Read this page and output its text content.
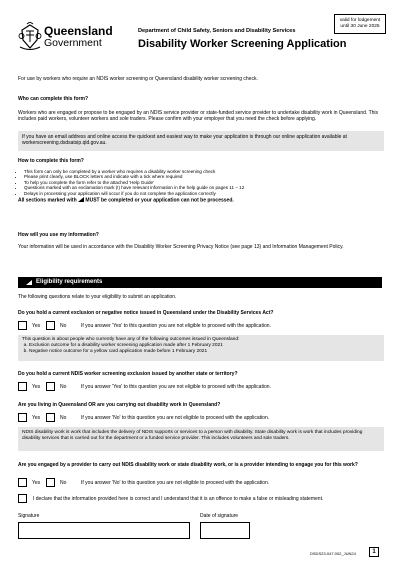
Queensland
Government
valid for lodgement
until 30 June 2025
Department of Child Safety, Seniors and Disability Services
Disability Worker Screening Application
For use by workers who require an NDIS worker screening or Queensland disability worker screening check.
Who can complete this form?
Workers who are engaged or propose to be engaged by an NDIS service provider or state-funded service provider to undertake disability work in Queensland. This includes paid workers, volunteer workers and sole traders. Please confirm with your employer that you need the check before applying.
If you have an email address and online access the quickest and easiest way to make your application is through our online application available at workerscreening.dsdsatsip.qld.gov.au.
How to complete this form?
• This form can only be completed by a worker who requires a disability worker screening check
• Please print clearly, use BLOCK letters and indicate with a tick where required
• To help you complete the form refer to the attached 'Help Guide'
• Questions marked with an exclamation mark (!) have relevant information in the help guide on pages 11 – 12
• Delays in processing your application will occur if you do not complete the application correctly
All sections marked with MUST be completed or your application can not be processed.
How will you use my information?
Your information will be used in accordance with the Disability Worker Screening Privacy Notice (see page 13) and Information Management Policy.
Eligibility requirements
The following questions relate to your eligibility to submit an application.
Do you hold a current exclusion or negative notice issued in Queensland under the Disability Services Act?
Yes	No	If you answer 'Yes' to this question you are not eligible to proceed with the application.
This question is about people who currently have any of the following outcomes issued in Queensland:
a. Exclusion outcome for a disability worker screening application made after 1 February 2021
b. Negative notice outcome for a yellow card application made before 1 February 2021
Do you hold a current NDIS worker screening exclusion issued by another state or territory?
Yes	No	If you answer 'Yes' to this question you are not eligible to proceed with the application.
Are you living in Queensland OR are you carrying out disability work in Queensland?
Yes	No	If you answer 'No' to this question you are not eligible to proceed with the application.
NDIS disability work is work that includes the delivery of NDIS supports or services to a person with disability. State disability work is work that includes providing disability services that is carried out for the department or a funded service provider. This includes volunteers and sole traders.
Are you engaged by a provider to carry out NDIS disability work or state disability work, or is a provider intending to engage you for this work?
Yes	No	If you answer 'No' to this question you are not eligible to proceed with the application.
I declare that the information provided here is correct and I understand that it is an offence to make a false or misleading statement.
Signature	Date of signature
DSDS23-047.002_JUN24	1
